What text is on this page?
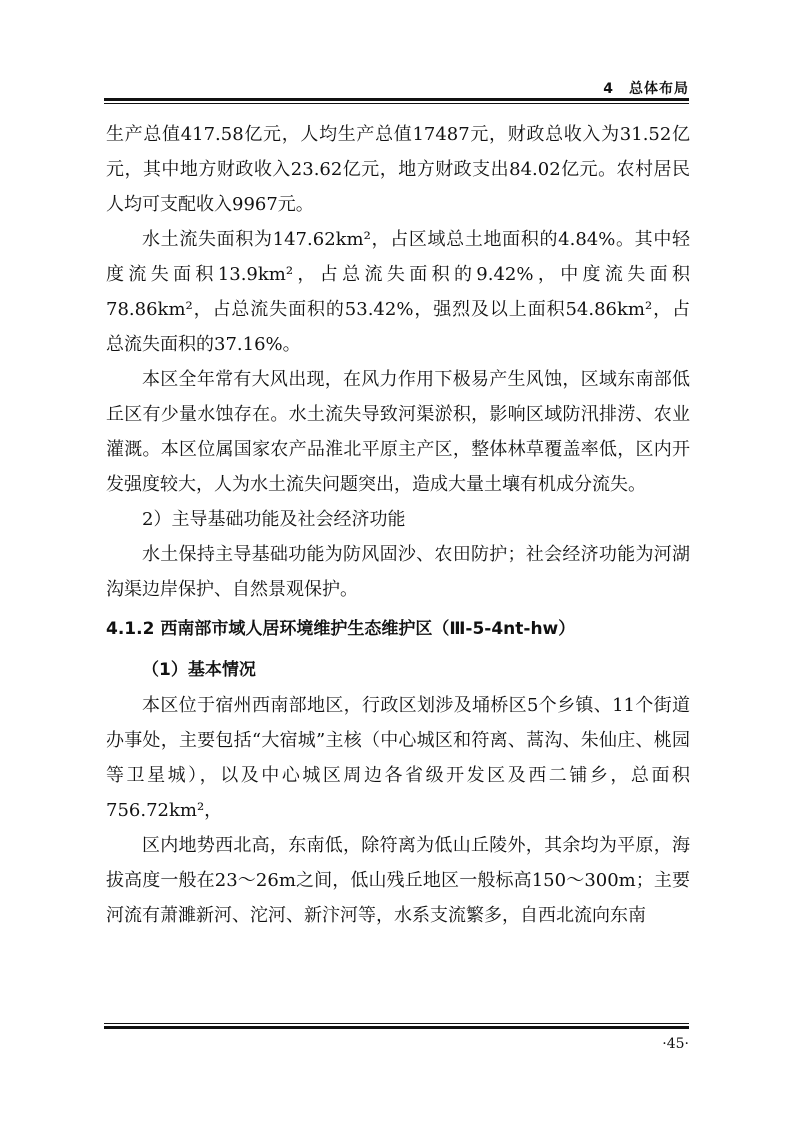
4　总体布局

生产总值417.58亿元，人均生产总值17487元，财政总收入为31.52亿元，其中地方财政收入23.62亿元，地方财政支出84.02亿元。农村居民人均可支配收入9967元。

水土流失面积为147.62km²，占区域总土地面积的4.84%。其中轻度流失面积13.9km²，占总流失面积的9.42%，中度流失面积78.86km²，占总流失面积的53.42%，强烈及以上面积54.86km²，占总流失面积的37.16%。

本区全年常有大风出现，在风力作用下极易产生风蚀，区域东南部低丘区有少量水蚀存在。水土流失导致河渠淤积，影响区域防汛排涝、农业灌溉。本区位属国家农产品淮北平原主产区，整体林草覆盖率低，区内开发强度较大，人为水土流失问题突出，造成大量土壤有机成分流失。

2）主导基础功能及社会经济功能

水土保持主导基础功能为防风固沙、农田防护；社会经济功能为河湖沟渠边岸保护、自然景观保护。

4.1.2 西南部市域人居环境维护生态维护区（Ⅲ-5-4nt-hw）
（1）基本情况

本区位于宿州西南部地区，行政区划涉及埇桥区5个乡镇、11个街道办事处，主要包括“大宿城”主核（中心城区和符离、蒿沟、朱仙庄、桃园等卫星城），以及中心城区周边各省级开发区及西二铺乡，总面积756.72km²，

区内地势西北高，东南低，除符离为低山丘陵外，其余均为平原，海拔高度一般在23～26m之间，低山残丘地区一般标高150～300m；主要河流有萧濉新河、沱河、新汴河等，水系支流繁多，自西北流向东南

·45·
